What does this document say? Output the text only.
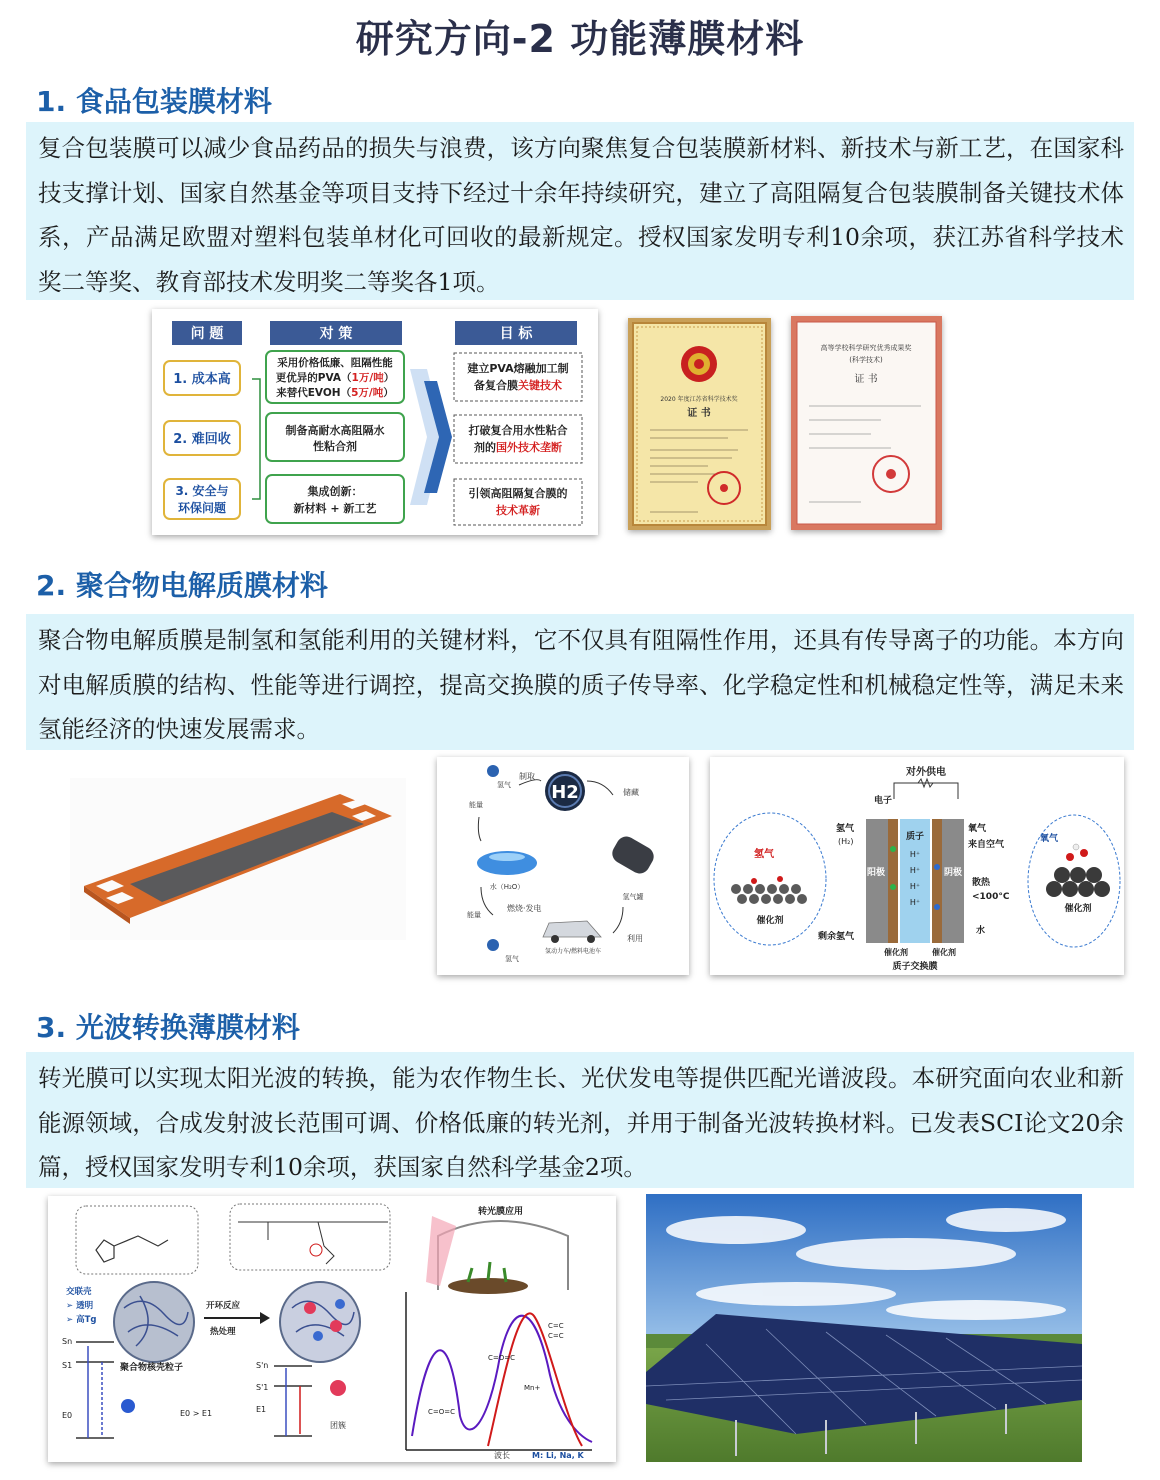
研究方向-2 功能薄膜材料
1. 食品包装膜材料
复合包装膜可以减少食品药品的损失与浪费，该方向聚焦复合包装膜新材料、新技术与新工艺，在国家科技支撑计划、国家自然基金等项目支持下经过十余年持续研究，建立了高阻隔复合包装膜制备关键技术体系，产品满足欧盟对塑料包装单材化可回收的最新规定。授权国家发明专利10余项，获江苏省科学技术奖二等奖、教育部技术发明奖二等奖各1项。
问 题	对 策	目 标
1. 成本高
2. 难回收
3. 安全与
环保问题
采用价格低廉、阻隔性能
更优异的PVA（1万/吨）
来替代EVOH（5万/吨）
制备高耐水高阻隔水
性粘合剂
集成创新：
新材料 + 新工艺
建立PVA熔融加工制
备复合膜关键技术
打破复合用水性粘合
剂的国外技术垄断
引领高阻隔复合膜的
技术革新
2020 年度江苏省科学技术奖
证 书
高等学校科学研究优秀成果奖
(科学技术)
证 书
2. 聚合物电解质膜材料
聚合物电解质膜是制氢和氢能利用的关键材料，它不仅具有阻隔性作用，还具有传导离子的功能。本方向对电解质膜的结构、性能等进行调控，提高交换膜的质子传导率、化学稳定性和机械稳定性等，满足未来氢能经济的快速发展需求。
H2
氢气
制取
储藏
能量
水（H₂O）
氢气罐
燃烧·发电
能量
氢气
氢动力车/燃料电池车
利用
对外供电
电子
氢气
催化剂
阳极	阴极
质子
H⁺
H⁺
H⁺
H⁺
氢气
(H₂)
氧气
来自空气
散热
<100°C
剩余氢气
水
催化剂	催化剂
质子交换膜
氧气
催化剂
3. 光波转换薄膜材料
转光膜可以实现太阳光波的转换，能为农作物生长、光伏发电等提供匹配光谱波段。本研究面向农业和新能源领域，合成发射波长范围可调、价格低廉的转光剂，并用于制备光波转换材料。已发表SCI论文20余篇，授权国家发明专利10余项，获国家自然科学基金2项。
交联壳
➢ 透明
➢ 高Tg
聚合物核壳粒子
开环反应
热处理
Sn
S1
E0	E0 > E1
S'n
S'1
E1
团簇
转光膜应用
C=O=C
C=C
C=C
C=O=C
Mn+
波长	M: Li, Na, K
